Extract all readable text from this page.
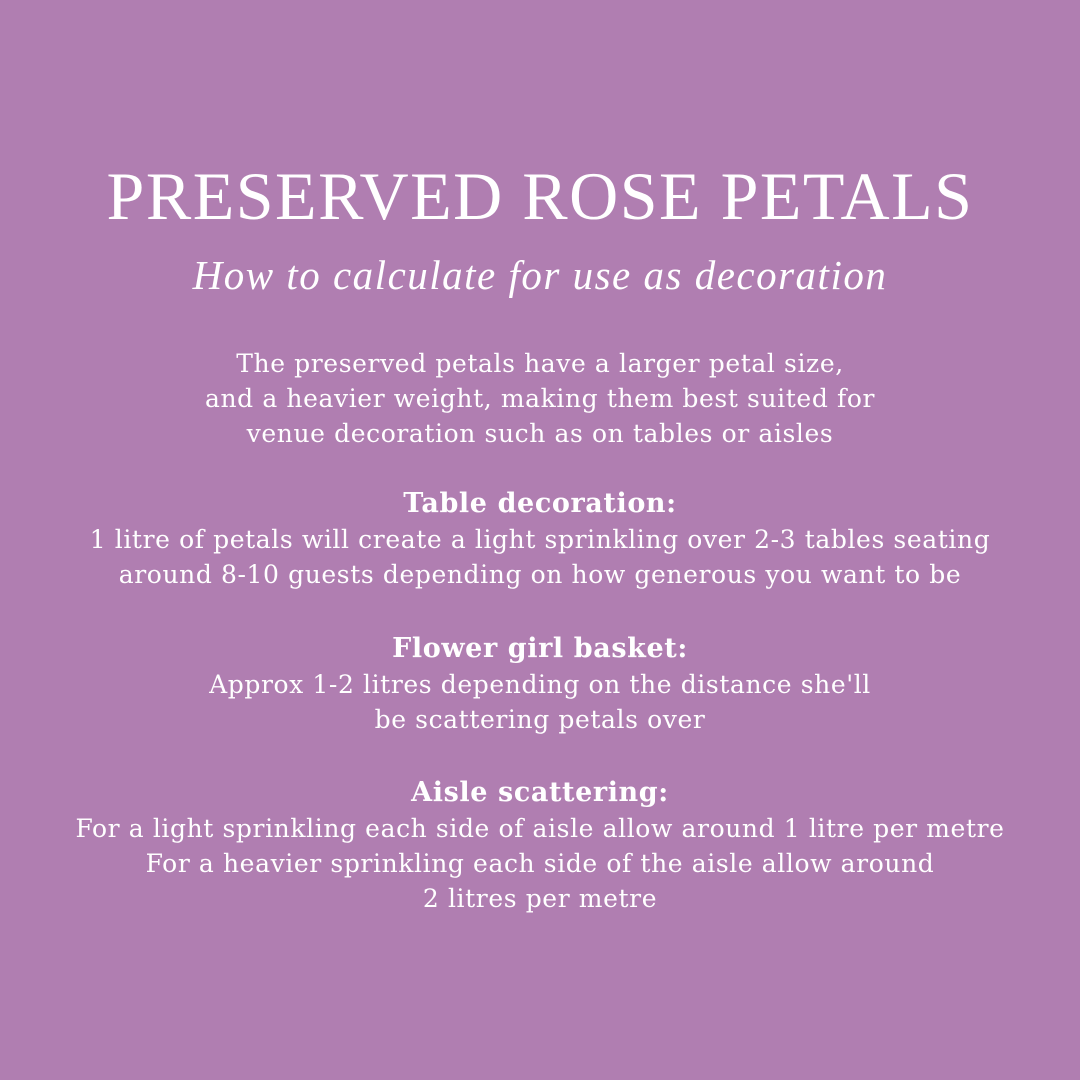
PRESERVED ROSE PETALS
How to calculate for use as decoration
The preserved petals have a larger petal size,
and a heavier weight, making them best suited for
venue decoration such as on tables or aisles
Table decoration:
1 litre of petals will create a light sprinkling over 2-3 tables seating
around 8-10 guests depending on how generous you want to be
Flower girl basket:
Approx 1-2 litres depending on the distance she'll
be scattering petals over
Aisle scattering:
For a light sprinkling each side of aisle allow around 1 litre per metre
For a heavier sprinkling each side of the aisle allow around
2 litres per metre
